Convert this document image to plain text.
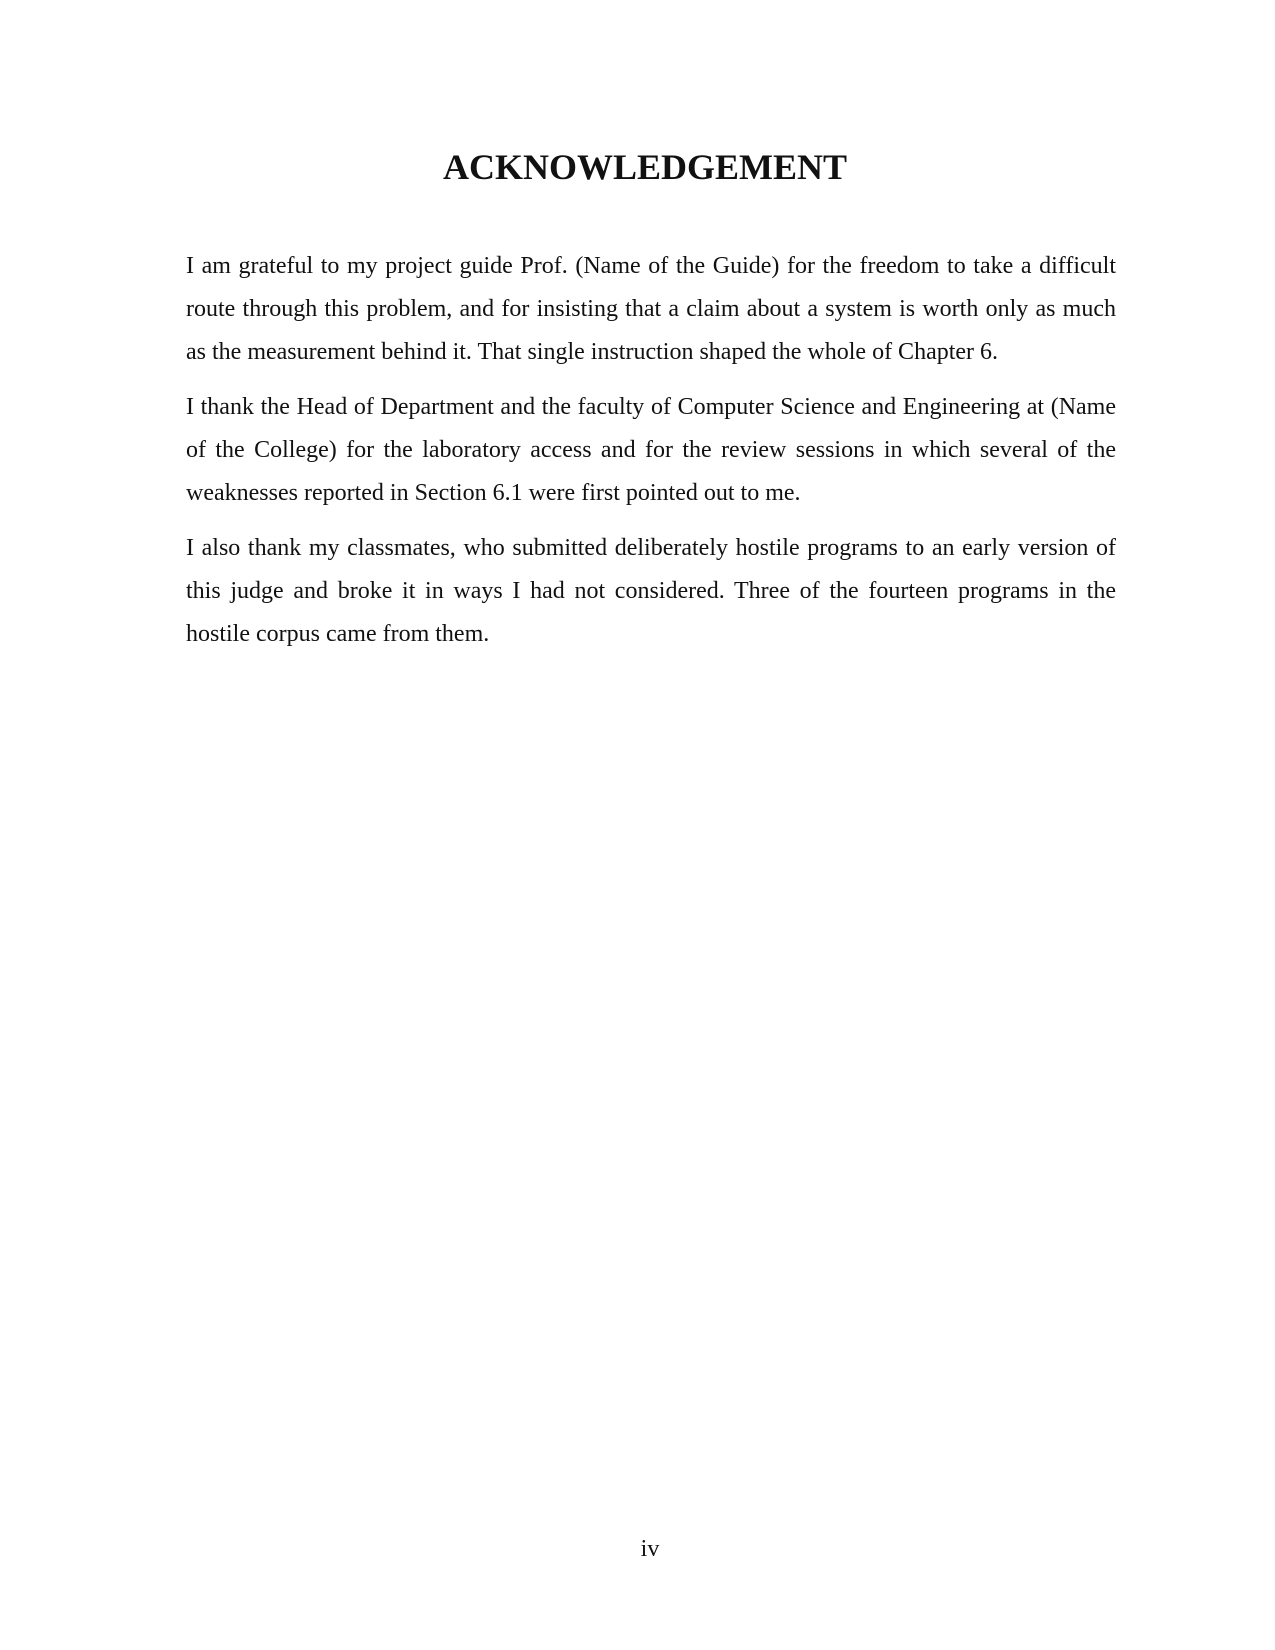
ACKNOWLEDGEMENT

I am grateful to my project guide Prof. (Name of the Guide) for the freedom to take a difficult route through this problem, and for insisting that a claim about a system is worth only as much as the measurement behind it. That single instruction shaped the whole of Chapter 6.

I thank the Head of Department and the faculty of Computer Science and Engineering at (Name of the College) for the laboratory access and for the review sessions in which several of the weaknesses reported in Section 6.1 were first pointed out to me.

I also thank my classmates, who submitted deliberately hostile programs to an early version of this judge and broke it in ways I had not considered. Three of the fourteen programs in the hostile corpus came from them.

iv
